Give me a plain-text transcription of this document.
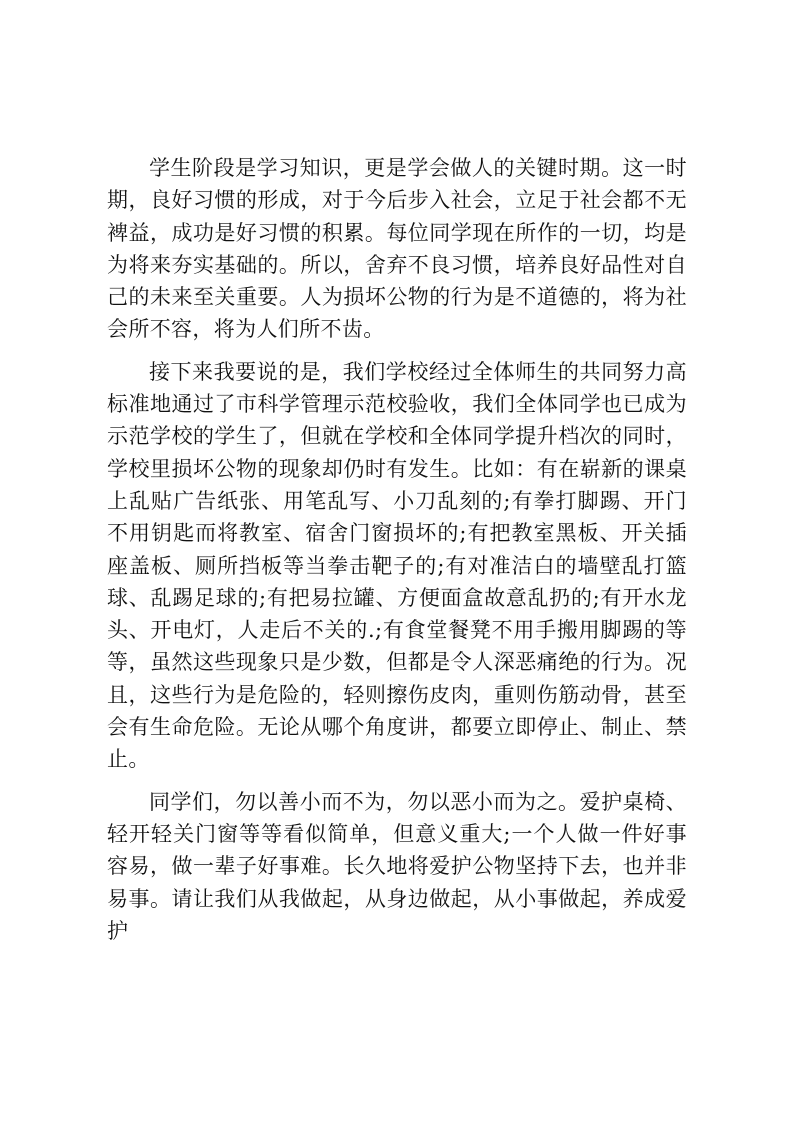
学生阶段是学习知识，更是学会做人的关键时期。这一时期，良好习惯的形成，对于今后步入社会，立足于社会都不无裨益，成功是好习惯的积累。每位同学现在所作的一切，均是为将来夯实基础的。所以，舍弃不良习惯，培养良好品性对自己的未来至关重要。人为损坏公物的行为是不道德的，将为社会所不容，将为人们所不齿。

接下来我要说的是，我们学校经过全体师生的共同努力高标准地通过了市科学管理示范校验收，我们全体同学也已成为示范学校的学生了，但就在学校和全体同学提升档次的同时，学校里损坏公物的现象却仍时有发生。比如：有在崭新的课桌上乱贴广告纸张、用笔乱写、小刀乱刻的;有拳打脚踢、开门不用钥匙而将教室、宿舍门窗损坏的;有把教室黑板、开关插座盖板、厕所挡板等当拳击靶子的;有对准洁白的墙壁乱打篮球、乱踢足球的;有把易拉罐、方便面盒故意乱扔的;有开水龙头、开电灯，人走后不关的.;有食堂餐凳不用手搬用脚踢的等等，虽然这些现象只是少数，但都是令人深恶痛绝的行为。况且，这些行为是危险的，轻则擦伤皮肉，重则伤筋动骨，甚至会有生命危险。无论从哪个角度讲，都要立即停止、制止、禁止。

同学们，勿以善小而不为，勿以恶小而为之。爱护桌椅、轻开轻关门窗等等看似简单，但意义重大;一个人做一件好事容易，做一辈子好事难。长久地将爱护公物坚持下去，也并非易事。请让我们从我做起，从身边做起，从小事做起，养成爱护
